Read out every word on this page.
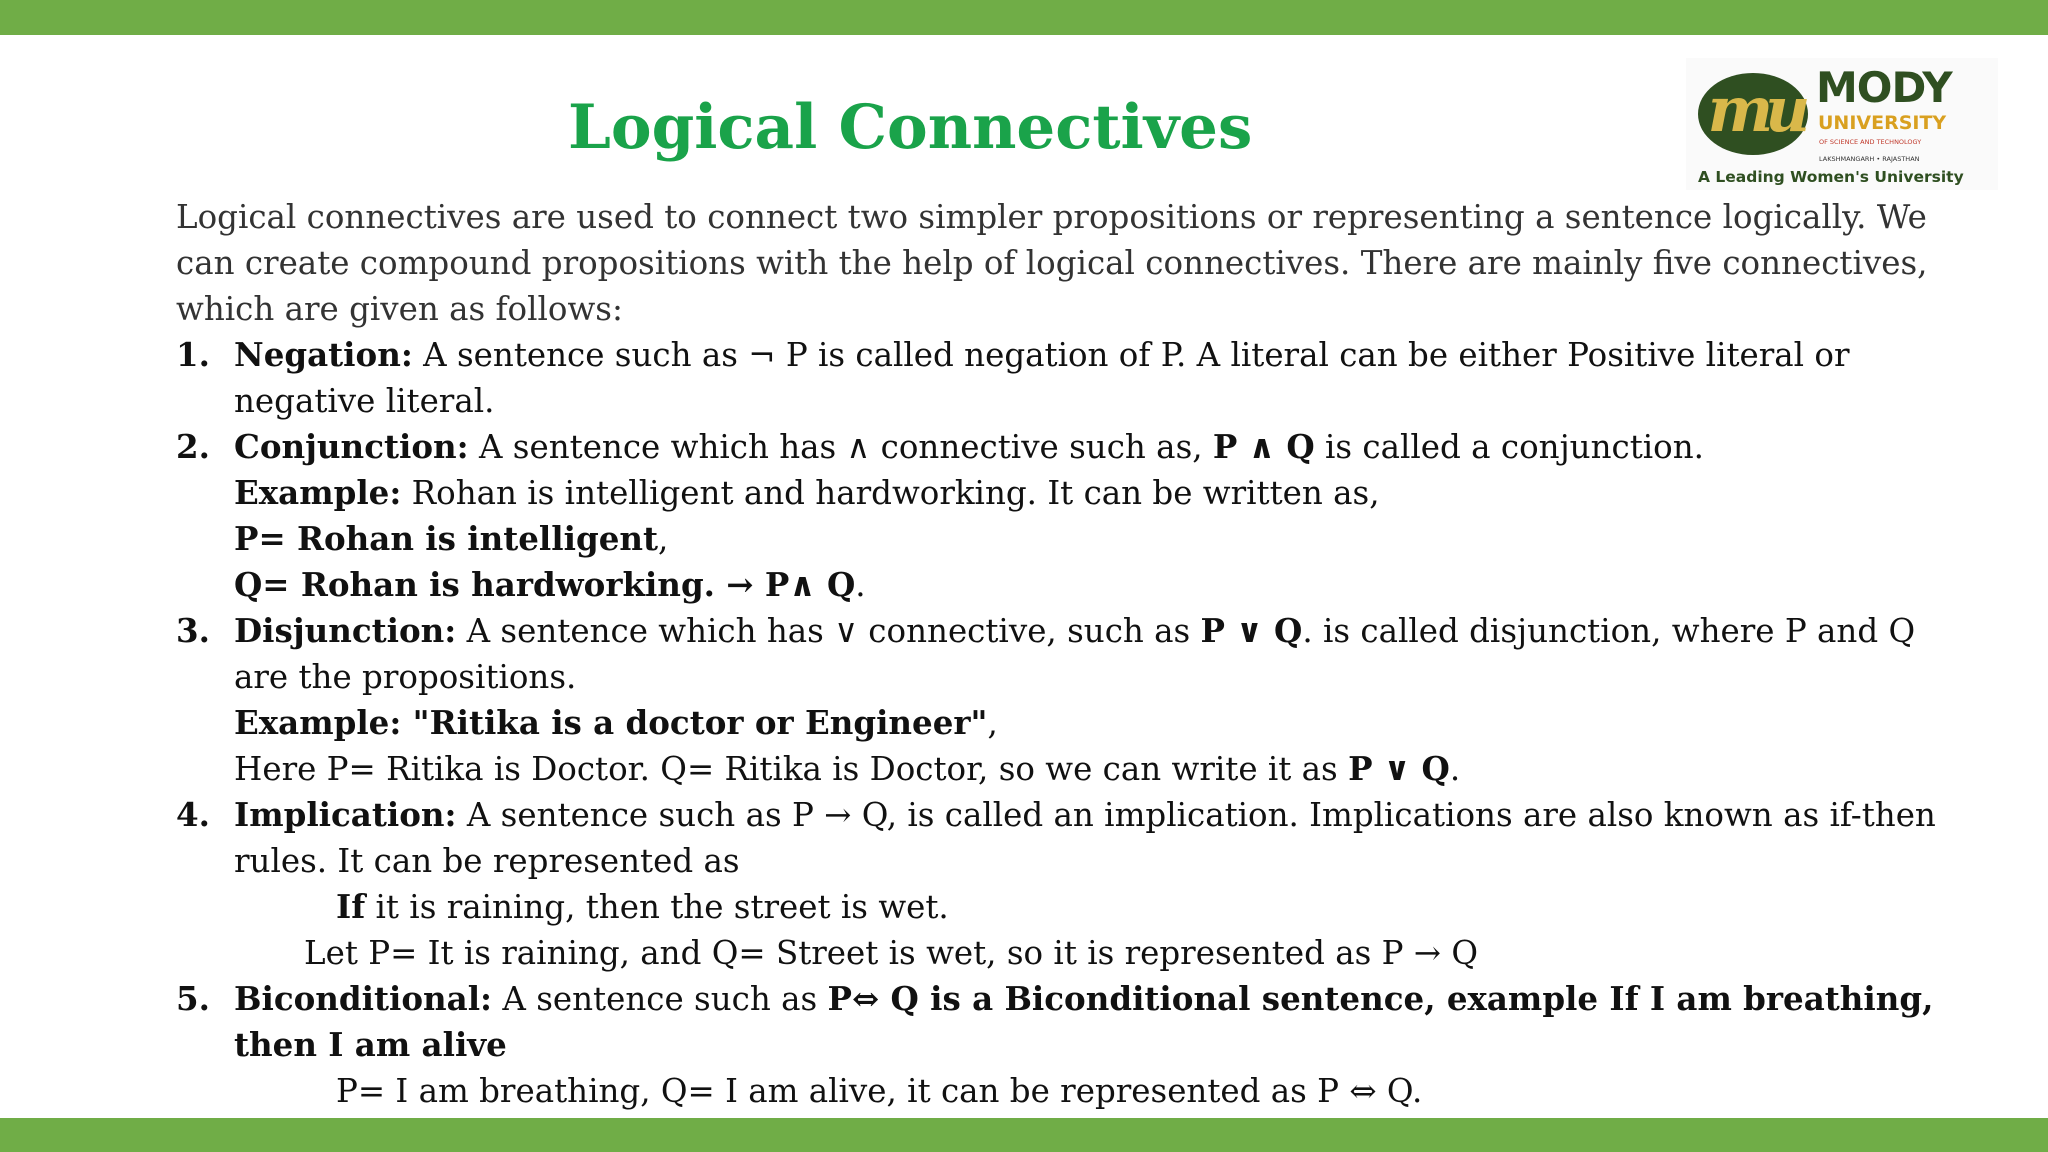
Logical Connectives	mu MODY
UNIVERSITY
OF SCIENCE AND TECHNOLOGY
LAKSHMANGARH • RAJASTHAN
A Leading Women's University

Logical connectives are used to connect two simpler propositions or representing a sentence logically. We can create compound propositions with the help of logical connectives. There are mainly five connectives, which are given as follows:

1. Negation: A sentence such as ¬ P is called negation of P. A literal can be either Positive literal or negative literal.
2. Conjunction: A sentence which has ∧ connective such as, P ∧ Q is called a conjunction.
Example: Rohan is intelligent and hardworking. It can be written as,
P= Rohan is intelligent,
Q= Rohan is hardworking. → P∧ Q.
3. Disjunction: A sentence which has ∨ connective, such as P ∨ Q. is called disjunction, where P and Q are the propositions.
Example: "Ritika is a doctor or Engineer",
Here P= Ritika is Doctor. Q= Ritika is Doctor, so we can write it as P ∨ Q.
4. Implication: A sentence such as P → Q, is called an implication. Implications are also known as if-then rules. It can be represented as
If it is raining, then the street is wet.
Let P= It is raining, and Q= Street is wet, so it is represented as P → Q
5. Biconditional: A sentence such as P⇔ Q is a Biconditional sentence, example If I am breathing, then I am alive
P= I am breathing, Q= I am alive, it can be represented as P ⇔ Q.
